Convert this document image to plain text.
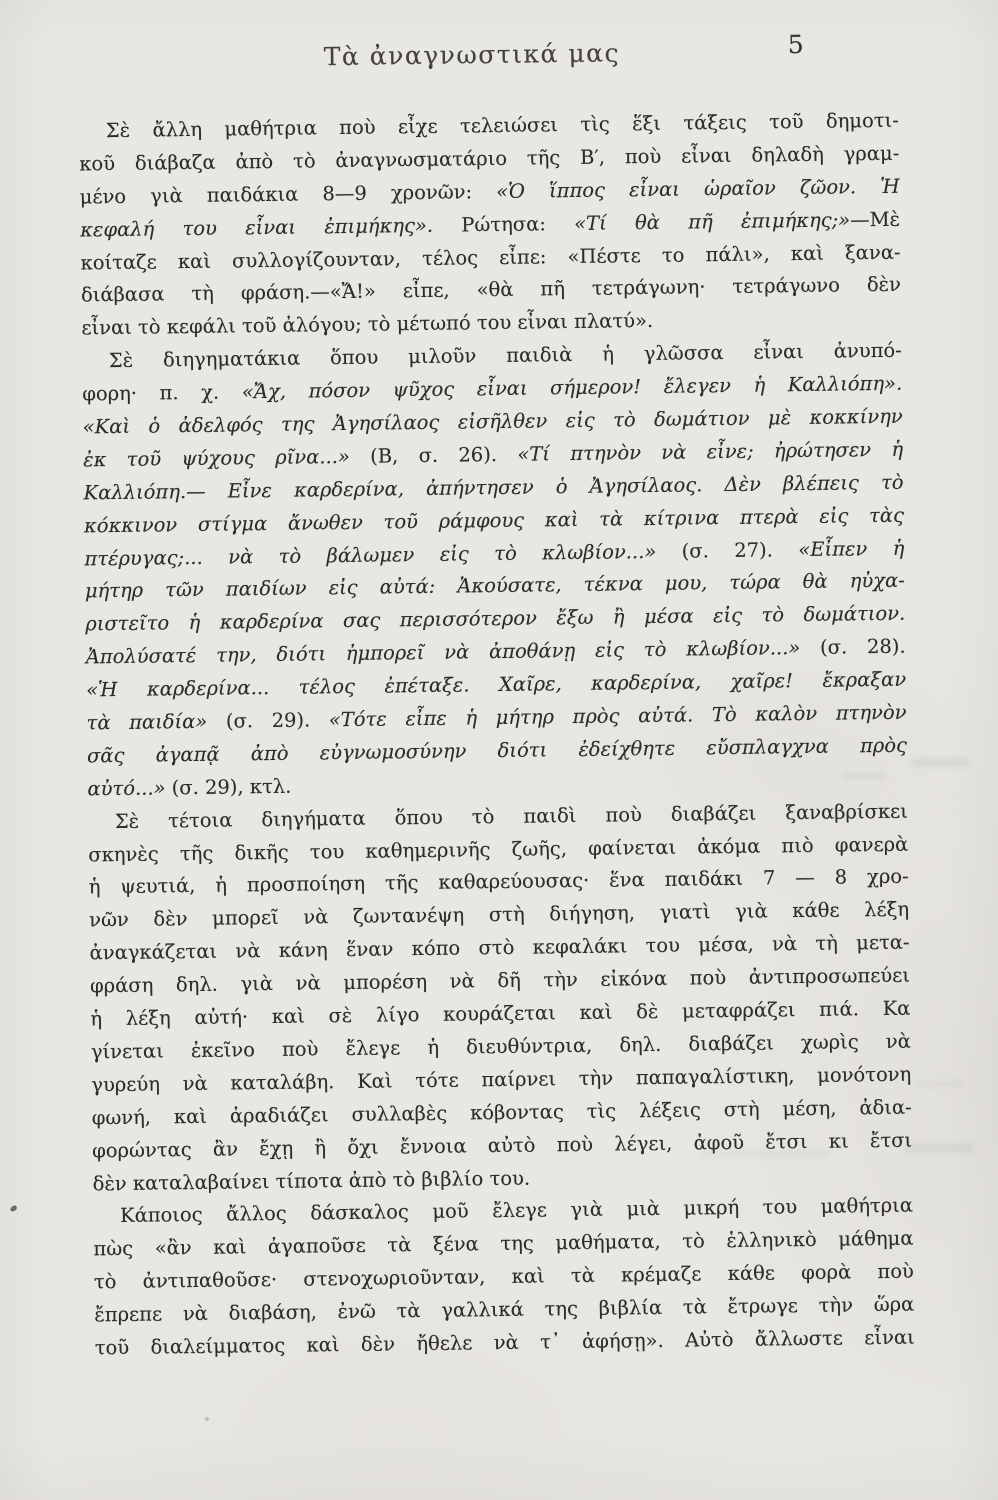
Τὰ ἀναγνωστικά μας	5
Σὲ ἄλλη μαθήτρια ποὺ εἶχε τελειώσει τὶς ἕξι τάξεις τοῦ δημοτι-
κοῦ διάβαζα ἀπὸ τὸ ἀναγνωσματάριο τῆς Β′, ποὺ εἶναι δηλαδὴ γραμ-
μένο γιὰ παιδάκια 8—9 χρονῶν: «Ὁ ἵππος εἶναι ὡραῖον ζῶον. Ἡ
κεφαλή του εἶναι ἐπιμήκης». Ρώτησα: «Τί θὰ πῆ ἐπιμήκης;»—Μὲ
κοίταζε καὶ συλλογίζουνταν, τέλος εἶπε: «Πέστε το πάλι», καὶ ξανα-
διάβασα τὴ φράση.—«Ἄ!» εἶπε, «θὰ πῆ τετράγωνη· τετράγωνο δὲν
εἶναι τὸ κεφάλι τοῦ ἀλόγου; τὸ μέτωπό του εἶναι πλατύ».
Σὲ διηγηματάκια ὅπου μιλοῦν παιδιὰ ἡ γλῶσσα εἶναι ἀνυπό-
φορη· π. χ. «Ἄχ, πόσον ψῦχος εἶναι σήμερον! ἔλεγεν ἡ Καλλιόπη».
«Καὶ ὁ ἀδελφός της Ἀγησίλαος εἰσῆλθεν εἰς τὸ δωμάτιον μὲ κοκκίνην
ἐκ τοῦ ψύχους ρῖνα...» (Β, σ. 26). «Τί πτηνὸν νὰ εἶνε; ἠρώτησεν ἡ
Καλλιόπη.— Εἶνε καρδερίνα, ἀπήντησεν ὁ Ἀγησίλαος. Δὲν βλέπεις τὸ
κόκκινον στίγμα ἄνωθεν τοῦ ράμφους καὶ τὰ κίτρινα πτερὰ εἰς τὰς
πτέρυγας;... νὰ τὸ βάλωμεν εἰς τὸ κλωβίον...» (σ. 27). «Εἶπεν ἡ
μήτηρ τῶν παιδίων εἰς αὐτά: Ἀκούσατε, τέκνα μου, τώρα θὰ ηὐχα-
ριστεῖτο ἡ καρδερίνα σας περισσότερον ἔξω ἢ μέσα εἰς τὸ δωμάτιον.
Ἀπολύσατέ την, διότι ἠμπορεῖ νὰ ἀποθάνῃ εἰς τὸ κλωβίον...» (σ. 28).
«Ἡ καρδερίνα... τέλος ἐπέταξε. Χαῖρε, καρδερίνα, χαῖρε! ἔκραξαν
τὰ παιδία» (σ. 29). «Τότε εἶπε ἡ μήτηρ πρὸς αὐτά. Τὸ καλὸν πτηνὸν
σᾶς ἀγαπᾷ ἀπὸ εὐγνωμοσύνην διότι ἐδείχθητε εὔσπλαγχνα πρὸς
αὐτό...» (σ. 29), κτλ.
Σὲ τέτοια διηγήματα ὅπου τὸ παιδὶ ποὺ διαβάζει ξαναβρίσκει
σκηνὲς τῆς δικῆς του καθημερινῆς ζωῆς, φαίνεται ἀκόμα πιὸ φανερὰ
ἡ ψευτιά, ἡ προσποίηση τῆς καθαρεύουσας· ἕνα παιδάκι 7 — 8 χρο-
νῶν δὲν μπορεῖ νὰ ζωντανέψη στὴ διήγηση, γιατὶ γιὰ κάθε λέξη
ἀναγκάζεται νὰ κάνη ἕναν κόπο στὸ κεφαλάκι του μέσα, νὰ τὴ μετα-
φράση δηλ. γιὰ νὰ μπορέση νὰ δῆ τὴν εἰκόνα ποὺ ἀντιπροσωπεύει
ἡ λέξη αὐτή· καὶ σὲ λίγο κουράζεται καὶ δὲ μεταφράζει πιά. Κα
γίνεται ἐκεῖνο ποὺ ἔλεγε ἡ διευθύντρια, δηλ. διαβάζει χωρὶς νὰ
γυρεύη νὰ καταλάβη. Καὶ τότε παίρνει τὴν παπαγαλίστικη, μονότονη
φωνή, καὶ ἀραδιάζει συλλαβὲς κόβοντας τὶς λέξεις στὴ μέση, ἀδια-
φορώντας ἂν ἔχῃ ἢ ὄχι ἔννοια αὐτὸ ποὺ λέγει, ἀφοῦ ἔτσι κι ἔτσι
δὲν καταλαβαίνει τίποτα ἀπὸ τὸ βιβλίο του.
Κάποιος ἄλλος δάσκαλος μοῦ ἔλεγε γιὰ μιὰ μικρή του μαθήτρια
πὼς «ἂν καὶ ἀγαποῦσε τὰ ξένα της μαθήματα, τὸ ἑλληνικὸ μάθημα
τὸ ἀντιπαθοῦσε· στενοχωριοῦνταν, καὶ τὰ κρέμαζε κάθε φορὰ ποὺ
ἔπρεπε νὰ διαβάση, ἐνῶ τὰ γαλλικά της βιβλία τὰ ἔτρωγε τὴν ὥρα
τοῦ διαλείμματος καὶ δὲν ἤθελε νὰ τ᾽ ἀφήσῃ». Αὐτὸ ἄλλωστε εἶναι
